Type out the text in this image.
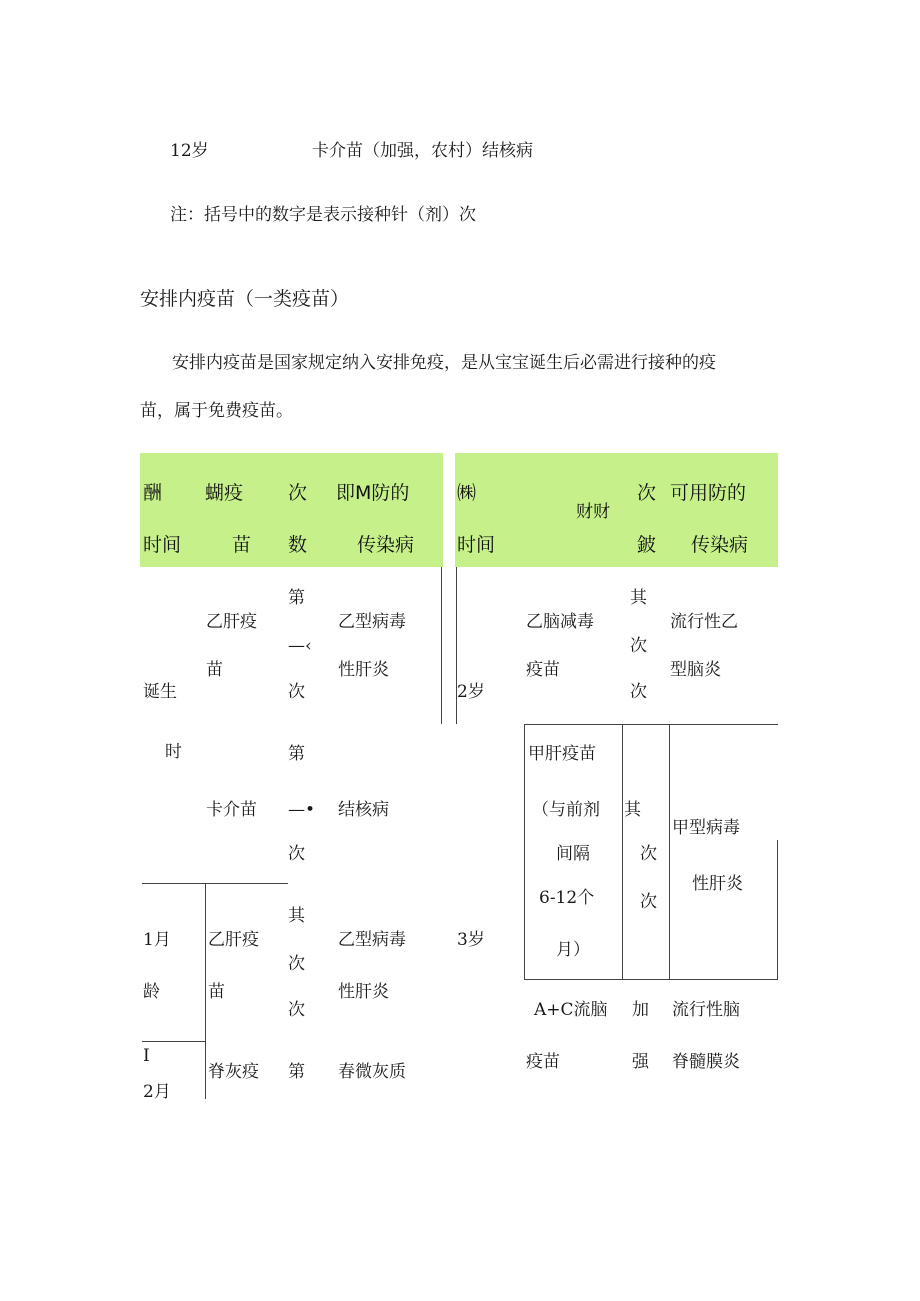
12岁	卡介苗（加强，农村）结核病
注：括号中的数字是表示接种针（剂）次
安排内疫苗（一类疫苗）
安排内疫苗是国家规定纳入安排免疫，是从宝宝诞生后必需进行接种的疫
苗，属于免费疫苗。
酬
时间
蝴疫
苗
次
数
即M防的
传染病
㈱
时间
财财
次
鈹
可用防的
传染病
诞生
时
乙肝疫
苗
第
—‹
次
乙型病毒
性肝炎
卡介苗
第
—•
次
结核病
1月
龄
乙肝疫
苗
其
次
次
乙型病毒
性肝炎
I
2月
脊灰疫 第 春微灰质
2岁
乙脑减毒
疫苗
其
次
次
流行性乙
型脑炎
3岁
甲肝疫苗
（与前剂
间隔
6-12个
月）
其
次
次
甲型病毒
性肝炎
A+C流脑
疫苗
加
强
流行性脑
脊髓膜炎
